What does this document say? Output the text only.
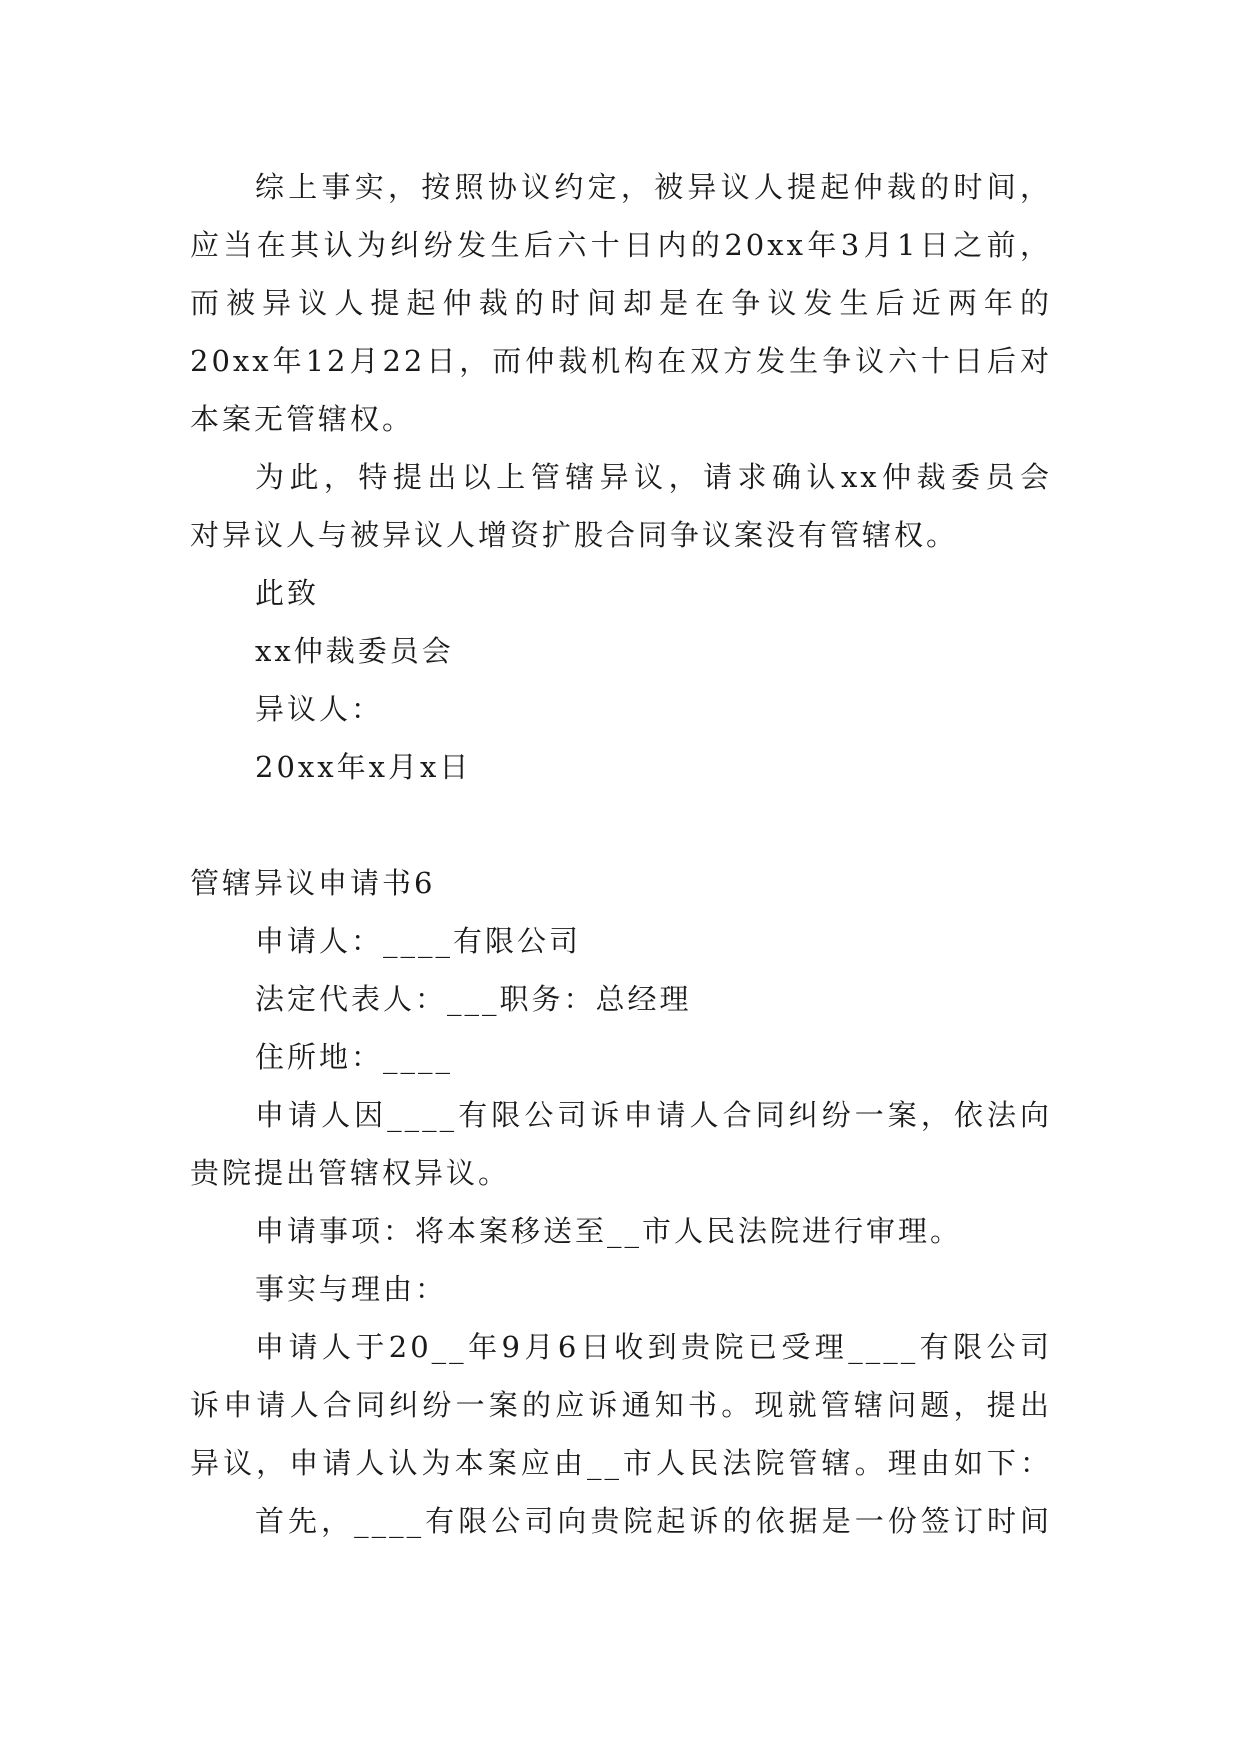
综上事实，按照协议约定，被异议人提起仲裁的时间，
应当在其认为纠纷发生后六十日内的20xx年3月1日之前，
而被异议人提起仲裁的时间却是在争议发生后近两年的
20xx年12月22日，而仲裁机构在双方发生争议六十日后对
本案无管辖权。
为此，特提出以上管辖异议，请求确认xx仲裁委员会
对异议人与被异议人增资扩股合同争议案没有管辖权。
此致
xx仲裁委员会
异议人：
20xx年x月x日
管辖异议申请书6
申请人：____有限公司
法定代表人：___职务：总经理
住所地：____
申请人因____有限公司诉申请人合同纠纷一案，依法向
贵院提出管辖权异议。
申请事项：将本案移送至__市人民法院进行审理。
事实与理由：
申请人于20__年9月6日收到贵院已受理____有限公司
诉申请人合同纠纷一案的应诉通知书。现就管辖问题，提出
异议，申请人认为本案应由__市人民法院管辖。理由如下：
首先，____有限公司向贵院起诉的依据是一份签订时间
